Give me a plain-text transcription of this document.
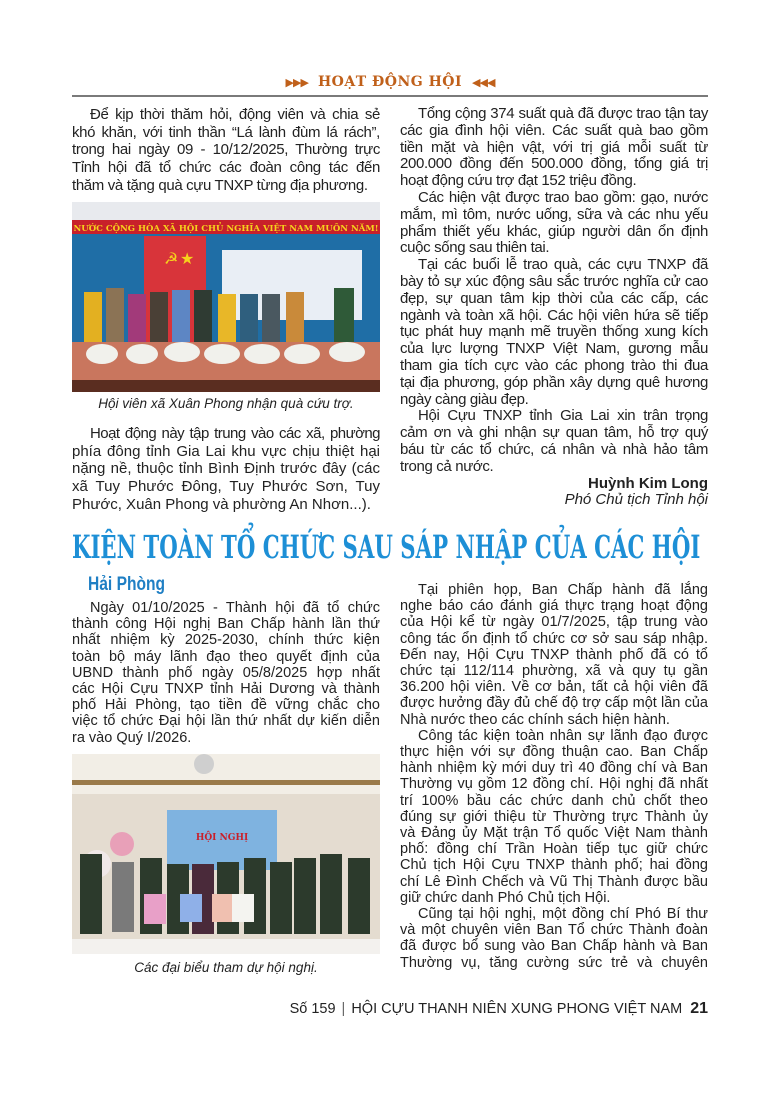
▶▶▶ HOẠT ĐỘNG HỘI ◀◀◀
Để kịp thời thăm hỏi, động viên và chia sẻ
khó khăn, với tinh thần “Lá lành đùm lá rách”,
trong hai ngày 09 - 10/12/2025, Thường trực
Tỉnh hội đã tổ chức các đoàn công tác đến
thăm và tặng quà cựu TNXP từng địa phương.
NƯỚC CỘNG HÒA XÃ HỘI CHỦ NGHĨA VIỆT NAM MUÔN NĂM!
☭ ★
Hội viên xã Xuân Phong nhận quà cứu trợ.
Hoạt động này tập trung vào các xã, phường
phía đông tỉnh Gia Lai khu vực chịu thiệt hại
nặng nề, thuộc tỉnh Bình Định trước đây (các
xã Tuy Phước Đông, Tuy Phước Sơn, Tuy
Phước, Xuân Phong và phường An Nhơn...).
Tổng cộng 374 suất quà đã được trao tận tay
các gia đình hội viên. Các suất quà bao gồm
tiền mặt và hiện vật, với trị giá mỗi suất từ
200.000 đồng đến 500.000 đồng, tổng giá trị
hoạt động cứu trợ đạt 152 triệu đồng.
Các hiện vật được trao bao gồm: gạo, nước
mắm, mì tôm, nước uống, sữa và các nhu yếu
phẩm thiết yếu khác, giúp người dân ổn định
cuộc sống sau thiên tai.
Tại các buổi lễ trao quà, các cựu TNXP đã
bày tỏ sự xúc động sâu sắc trước nghĩa cử cao
đẹp, sự quan tâm kịp thời của các cấp, các
ngành và toàn xã hội. Các hội viên hứa sẽ tiếp
tục phát huy mạnh mẽ truyền thống xung kích
của lực lượng TNXP Việt Nam, gương mẫu
tham gia tích cực vào các phong trào thi đua
tại địa phương, góp phần xây dựng quê hương
ngày càng giàu đẹp.
Hội Cựu TNXP tỉnh Gia Lai xin trân trọng
cảm ơn và ghi nhận sự quan tâm, hỗ trợ quý
báu từ các tổ chức, cá nhân và nhà hảo tâm
trong cả nước.
Huỳnh Kim Long
Phó Chủ tịch Tỉnh hội
KIỆN TOÀN TỔ CHỨC SAU SÁP NHẬP CỦA CÁC HỘI
Hải Phòng
Ngày 01/10/2025 - Thành hội đã tổ chức
thành công Hội nghị Ban Chấp hành lần thứ
nhất nhiệm kỳ 2025-2030, chính thức kiện
toàn bộ máy lãnh đạo theo quyết định của
UBND thành phố ngày 05/8/2025 hợp nhất
các Hội Cựu TNXP tỉnh Hải Dương và thành
phố Hải Phòng, tạo tiền đề vững chắc cho
việc tổ chức Đại hội lần thứ nhất dự kiến diễn
ra vào Quý I/2026.
HỘI NGHỊ
Các đại biểu tham dự hội nghị.
Tại phiên họp, Ban Chấp hành đã lắng
nghe báo cáo đánh giá thực trạng hoạt động
của Hội kể từ ngày 01/7/2025, tập trung vào
công tác ổn định tổ chức cơ sở sau sáp nhập.
Đến nay, Hội Cựu TNXP thành phố đã có tổ
chức tại 112/114 phường, xã và quy tụ gần
36.200 hội viên. Về cơ bản, tất cả hội viên đã
được hưởng đầy đủ chế độ trợ cấp một lần của
Nhà nước theo các chính sách hiện hành.
Công tác kiện toàn nhân sự lãnh đạo được
thực hiện với sự đồng thuận cao. Ban Chấp
hành nhiệm kỳ mới duy trì 40 đồng chí và Ban
Thường vụ gồm 12 đồng chí. Hội nghị đã nhất
trí 100% bầu các chức danh chủ chốt theo
đúng sự giới thiệu từ Thường trực Thành ủy
và Đảng ủy Mặt trận Tổ quốc Việt Nam thành
phố: đồng chí Trần Hoàn tiếp tục giữ chức
Chủ tịch Hội Cựu TNXP thành phố; hai đồng
chí Lê Đình Chếch và Vũ Thị Thành được bầu
giữ chức danh Phó Chủ tịch Hội.
Cũng tại hội nghị, một đồng chí Phó Bí thư
và một chuyên viên Ban Tổ chức Thành đoàn
đã được bổ sung vào Ban Chấp hành và Ban
Thường vụ, tăng cường sức trẻ và chuyên
Số 159 | HỘI CỰU THANH NIÊN XUNG PHONG VIỆT NAM 21
